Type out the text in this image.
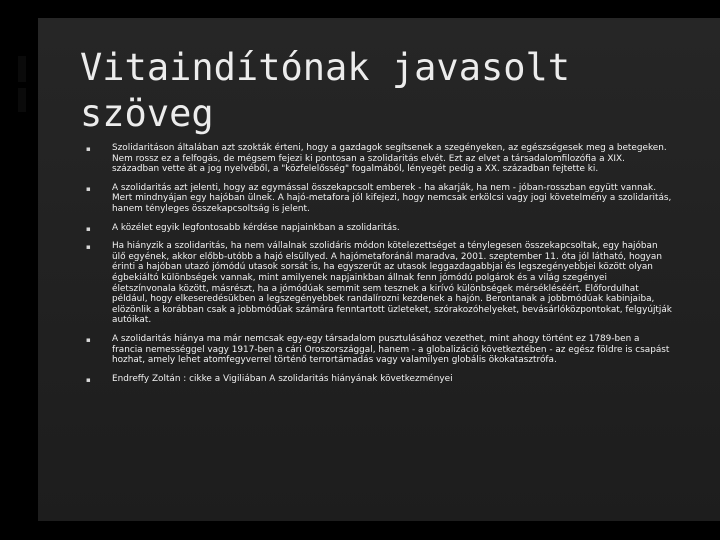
Vitaindítónak javasolt szöveg
▪ Szolidaritáson általában azt szokták érteni, hogy a gazdagok segítsenek a szegényeken, az egészségesek meg a betegeken. Nem rossz ez a felfogás, de mégsem fejezi ki pontosan a szolidaritás elvét. Ezt az elvet a társadalomfilozófia a XIX. században vette át a jog nyelvéből, a "közfelelősség" fogalmából, lényegét pedig a XX. században fejtette ki.
▪ A szolidaritás azt jelenti, hogy az egymással összekapcsolt emberek - ha akarják, ha nem - jóban-rosszban együtt vannak. Mert mindnyájan egy hajóban ülnek. A hajó-metafora jól kifejezi, hogy nemcsak erkölcsi vagy jogi követelmény a szolidaritás, hanem tényleges összekapcsoltság is jelent.
▪ A közélet egyik legfontosabb kérdése napjainkban a szolidaritás.
▪ Ha hiányzik a szolidaritás, ha nem vállalnak szolidáris módon kötelezettséget a ténylegesen összekapcsoltak, egy hajóban ülő egyének, akkor előbb-utóbb a hajó elsüllyed. A hajómetaforánál maradva, 2001. szeptember 11. óta jól látható, hogyan érinti a hajóban utazó jómódú utasok sorsát is, ha egyszerűt az utasok leggazdagabbjai és legszegényebbjei között olyan égbekiáltó különbségek vannak, mint amilyenek napjainkban állnak fenn jómódú polgárok és a világ szegényei életszínvonala között, másrészt, ha a jómódúak semmit sem tesznek a kirívó különbségek mérsékléséért. Előfordulhat például, hogy elkeseredésükben a legszegényebbek randalírozni kezdenek a hajón. Berontanak a jobbmódúak kabinjaiba, elözönlik a korábban csak a jobbmódúak számára fenntartott üzleteket, szórakozóhelyeket, bevásárlóközpontokat, felgyújtják autóikat.
▪ A szolidaritás hiánya ma már nemcsak egy-egy társadalom pusztulásához vezethet, mint ahogy történt ez 1789-ben a francia nemességgel vagy 1917-ben a cári Oroszországgal, hanem - a globalizáció következtében - az egész földre is csapást hozhat, amely lehet atomfegyverrel történő terrortámadás vagy valamilyen globális ökokatasztrófa.
▪ Endreffy Zoltán : cikke a Vigiliában A szolidaritás hiányának következményei
